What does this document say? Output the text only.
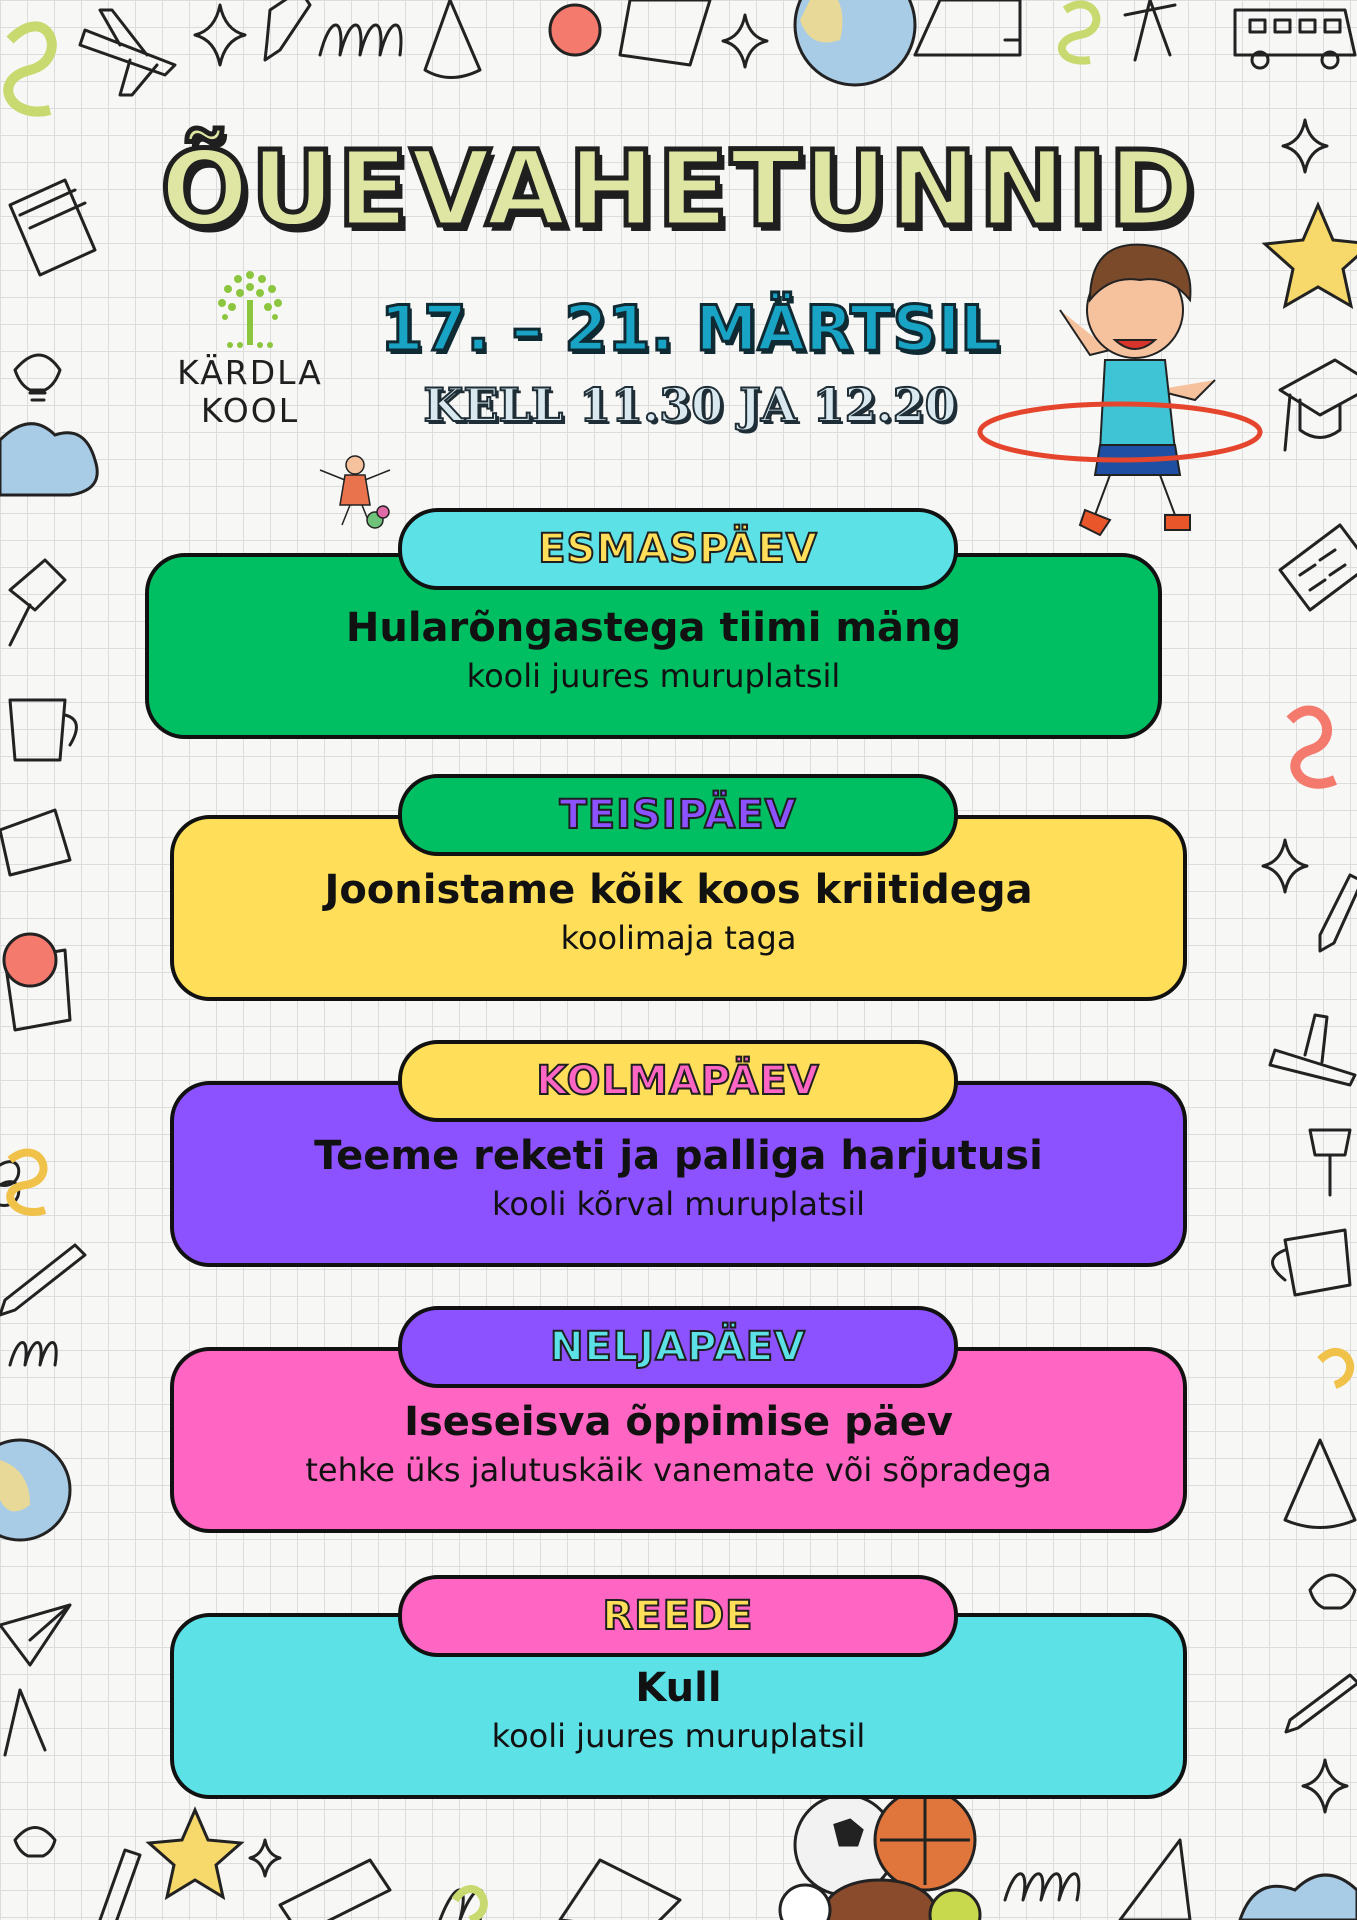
KÄRDLA
KOOL
ÕUEVAHETUNNID
17. – 21. MÄRTSIL
KELL 11.30 JA 12.20
Hularõngastega tiimi mäng
kooli juures muruplatsil
ESMASPÄEV
Joonistame kõik koos kriitidega
koolimaja taga
TEISIPÄEV
Teeme reketi ja palliga harjutusi
kooli kõrval muruplatsil
KOLMAPÄEV
Iseseisva õppimise päev
tehke üks jalutuskäik vanemate või sõpradega
NELJAPÄEV
Kull
kooli juures muruplatsil
REEDE
